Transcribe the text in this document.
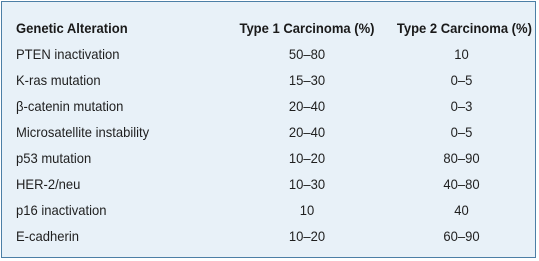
Genetic Alteration	Type 1 Carcinoma (%)	Type 2 Carcinoma (%)
PTEN inactivation	50–80	10
K-ras mutation	15–30	0–5
β-catenin mutation	20–40	0–3
Microsatellite instability	20–40	0–5
p53 mutation	10–20	80–90
HER-2/neu	10–30	40–80
p16 inactivation	10	40
E-cadherin	10–20	60–90
